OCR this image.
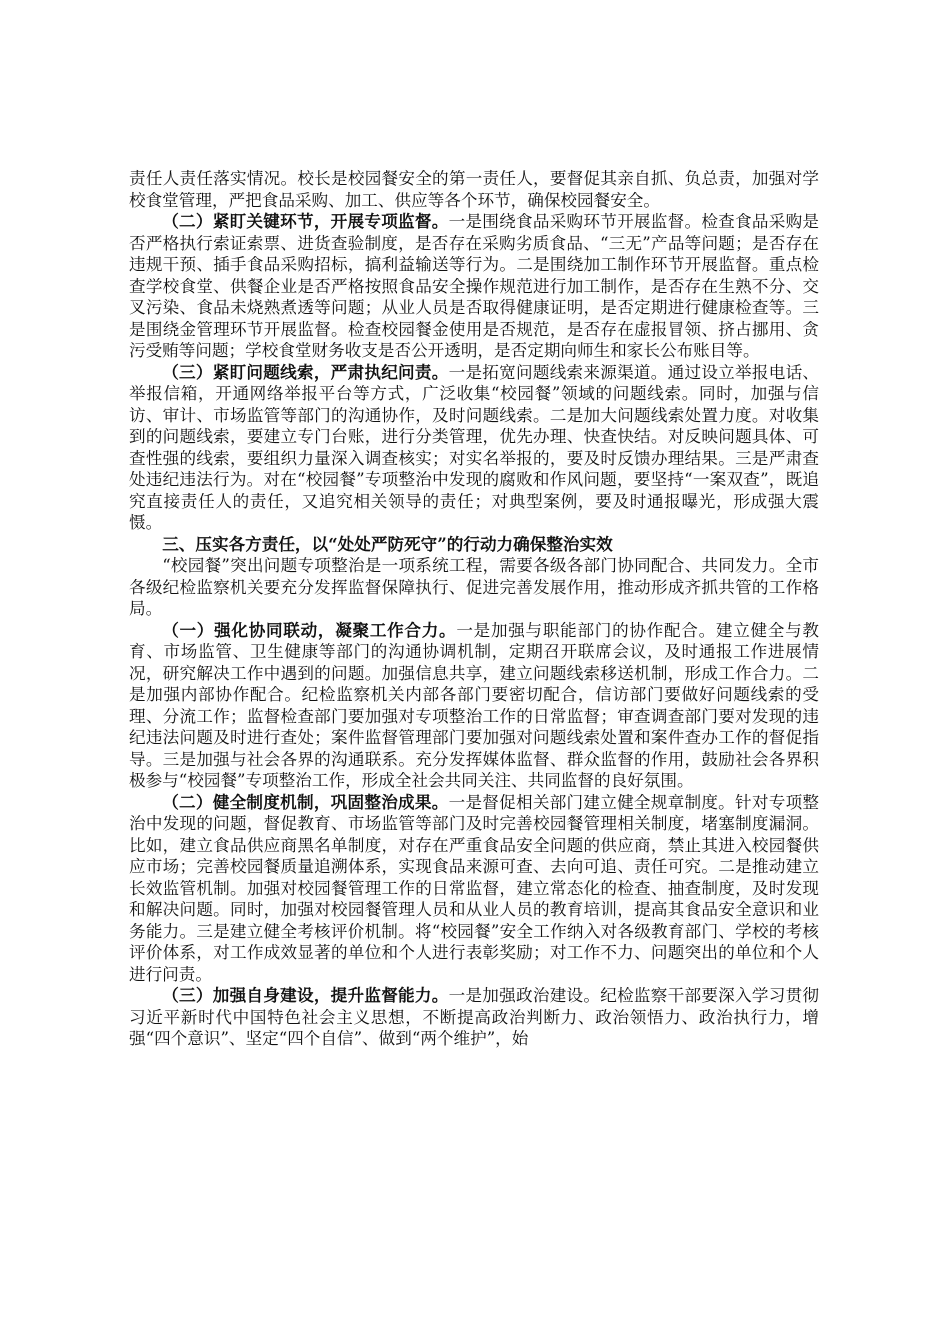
责任人责任落实情况。校长是校园餐安全的第一责任人，要督促其亲自抓、负总责，加强对学校食堂管理，严把食品采购、加工、供应等各个环节，确保校园餐安全。

（二）紧盯关键环节，开展专项监督。一是围绕食品采购环节开展监督。检查食品采购是否严格执行索证索票、进货查验制度，是否存在采购劣质食品、“三无”产品等问题；是否存在违规干预、插手食品采购招标，搞利益输送等行为。二是围绕加工制作环节开展监督。重点检查学校食堂、供餐企业是否严格按照食品安全操作规范进行加工制作，是否存在生熟不分、交叉污染、食品未烧熟煮透等问题；从业人员是否取得健康证明，是否定期进行健康检查等。三是围绕金管理环节开展监督。检查校园餐金使用是否规范，是否存在虚报冒领、挤占挪用、贪污受贿等问题；学校食堂财务收支是否公开透明，是否定期向师生和家长公布账目等。

（三）紧盯问题线索，严肃执纪问责。一是拓宽问题线索来源渠道。通过设立举报电话、举报信箱，开通网络举报平台等方式，广泛收集“校园餐”领域的问题线索。同时，加强与信访、审计、市场监管等部门的沟通协作，及时问题线索。二是加大问题线索处置力度。对收集到的问题线索，要建立专门台账，进行分类管理，优先办理、快查快结。对反映问题具体、可查性强的线索，要组织力量深入调查核实；对实名举报的，要及时反馈办理结果。三是严肃查处违纪违法行为。对在“校园餐”专项整治中发现的腐败和作风问题，要坚持“一案双查”，既追究直接责任人的责任，又追究相关领导的责任；对典型案例，要及时通报曝光，形成强大震慑。

三、压实各方责任，以“处处严防死守”的行动力确保整治实效

“校园餐”突出问题专项整治是一项系统工程，需要各级各部门协同配合、共同发力。全市各级纪检监察机关要充分发挥监督保障执行、促进完善发展作用，推动形成齐抓共管的工作格局。

（一）强化协同联动，凝聚工作合力。一是加强与职能部门的协作配合。建立健全与教育、市场监管、卫生健康等部门的沟通协调机制，定期召开联席会议，及时通报工作进展情况，研究解决工作中遇到的问题。加强信息共享，建立问题线索移送机制，形成工作合力。二是加强内部协作配合。纪检监察机关内部各部门要密切配合，信访部门要做好问题线索的受理、分流工作；监督检查部门要加强对专项整治工作的日常监督；审查调查部门要对发现的违纪违法问题及时进行查处；案件监督管理部门要加强对问题线索处置和案件查办工作的督促指导。三是加强与社会各界的沟通联系。充分发挥媒体监督、群众监督的作用，鼓励社会各界积极参与“校园餐”专项整治工作，形成全社会共同关注、共同监督的良好氛围。

（二）健全制度机制，巩固整治成果。一是督促相关部门建立健全规章制度。针对专项整治中发现的问题，督促教育、市场监管等部门及时完善校园餐管理相关制度，堵塞制度漏洞。比如，建立食品供应商黑名单制度，对存在严重食品安全问题的供应商，禁止其进入校园餐供应市场；完善校园餐质量追溯体系，实现食品来源可查、去向可追、责任可究。二是推动建立长效监管机制。加强对校园餐管理工作的日常监督，建立常态化的检查、抽查制度，及时发现和解决问题。同时，加强对校园餐管理人员和从业人员的教育培训，提高其食品安全意识和业务能力。三是建立健全考核评价机制。将“校园餐”安全工作纳入对各级教育部门、学校的考核评价体系，对工作成效显著的单位和个人进行表彰奖励；对工作不力、问题突出的单位和个人进行问责。

（三）加强自身建设，提升监督能力。一是加强政治建设。纪检监察干部要深入学习贯彻习近平新时代中国特色社会主义思想，不断提高政治判断力、政治领悟力、政治执行力，增强“四个意识”、坚定“四个自信”、做到“两个维护”，始
